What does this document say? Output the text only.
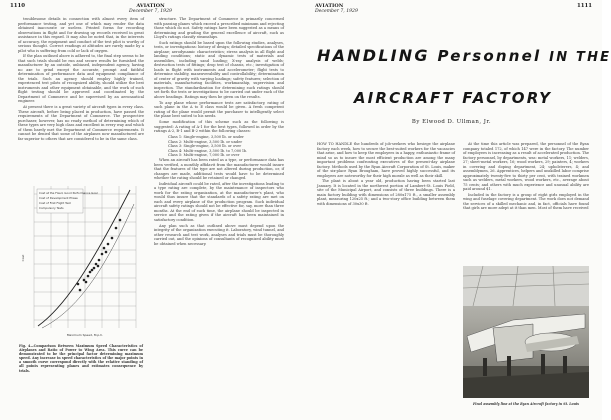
1110	AVIATION
December 7, 1929

troublesome details in connection with almost every item of performance testing, and yet one of which may render the data obtained inaccurate or useless. Printed forms for recording observations in flight and for drawing up records received in great assistance in this regard. It may also be noted that, in the interests of accuracy, the equipment and conduct of the test pilot is worthy of serious thought. Correct readings at altitudes are rarely made by a pilot who is suffering from cold or lack of oxygen.

If the plan outlined above is adhered to, the final step seems to be that such trials should be run and secure results be furnished the manufacturer by an outside, unbiased, independent agency, having no axe to grind except the accurate, prompt and faithful determination of performance data and equipment compliance of the trials. Such an agency should employ highly trained, experienced test pilots of recognized ability, should utilize the best instruments and other equipment obtainable, and the work of such flight testing should be approved and coordinated by the Department of Commerce and be supervised by an aeronautical engineer.

At present there is a great variety of aircraft types in every class. These aircraft, before being placed in production, have passed the requirements of the Department of Commerce. The prospective purchaser, however, has no ready method of determining which of these types are very high class and excellent in every way and which of them barely met the Department of Commerce requirements. It cannot be denied that some of the airplanes now manufactured are far superior to others that are considered to be in the same class.

Cost at the Fixed, Good Performance Goal
Cost of Development Phase
Cost of First Flight Test
Compulsory Tests
Maximum Speed, M.p.h.
Cost
Fig. 4—Comparison Between Maximum Speed Characteristics of Airplanes and Ratio of Power to Wing Area. This curve can be demonstrated to be the principal factor determining maximum speed. Any increase in speed characteristics of the major points in a smooth curve correspond directly with the relative standing of all points representing planes and estimates consequence by trials.

structure. The Department of Commerce is primarily concerned with passing planes which exceed a prescribed minimum and rejecting those which do not. Safety ratings have been suggested as a means of determining and grading the general excellence of aircraft, such as Lloyd's ratings classify steamships.

Such ratings should be based upon the following studies, analyses, tests, or investigations: history of design; detailed specifications of the airplane; aerodynamic characteristics; stress analysis in all flight and landing conditions; static and dynamic tests of materials and assemblies, including sand loading; X-ray analysis of welds; destruction tests of fittings; drop test of chassis, etc.; investigation of loads in flight with instruments and accelerometer; flight tests to determine stability, maneuverability and controllability; determination of center of gravity with varying loadings; safety features; selection of materials, manufacturing facilities, workmanship, supervision and inspection. The standardization for determining such ratings should set forth the tests or investigations to be carried out under each of the above headings. Ratings may then be given on the results.

To any plane whose performance tests are satisfactory, rating of such plane in the A to E class would be given. A fresh competent rating of the plane would permit the purchaser to intelligently select the plane best suited to his needs.

Some modification of this scheme such as the following is suggested: A rating of A-1 for the best types, followed in order by the ratings A-2, B-1 and B-2 within the following classes:

Class 1: Single-engine, 3,500 lb. or under
Class 2: Multi-engine, 3,500 lb. or under
Class 3: Single-engine, 3,500 lb. or over
Class 4: Multi-engine, 3,500 lb. to 7,000 lb.
Class 5: Multi-engine, 7,000 lb. or over

When an aircraft has been rated as a type, or performance data has been verified, a monthly affidavit from the manufacturer would insure that the features of the type are not altered during production, or, if changes are made, additional tests would have to be determined whether the rating should be retained or changed.

Individual aircraft could be rated, after the investigations leading to a type rating are complete, by the maintenance of inspectors who work for the rating organization, at the manufacturer's plant, who would thus insure that the standards of a safety rating are met on each and every airplane of the production program. Such individual aircraft safety ratings should not be effective for, say, more than three months. At the end of such time, the airplane should be inspected in service and the rating given if the aircraft has been maintained in satisfactory condition.

Any plan such as that outlined above must depend upon the integrity of the organization executing it. Laboratory, wind tunnel, and other research and test work, analyses and trials must be thoroughly carried out, and the opinions of consultants of recognized ability must be obtained when necessary.

AVIATION
December 7, 1929
1111
HANDLING Personnel IN THE
AIRCRAFT FACTORY
By Elwood D. Ullman, Jr.

HOW TO HANDLE the hundreds of job-seekers who besiege the airplane factory each week, how to secure the best-suited workers for the vacancies that arise, and how to keep the employees in a happy, enthusiastic frame of mind so as to insure the most efficient production are among the many important problems confronting executives of the present-day airplane factory. Methods used by the Ryan Aircraft Corporation of St. Louis, maker of the six-place Ryan Brougham, have proved highly successful, and its employees are noteworthy for their high morale as well as their skill.

The plant is about a year old, production having been started last January. It is located in the northwest portion of Lambert-St. Louis Field, site of the Municipal Airport, and consists of three buildings. There is a main factory building with dimensions of 280x175 ft., a smaller assembly plant, measuring 120x25 ft.; and a two-story office building between them with dimensions of 30x30 ft.

At the time this article was prepared, the personnel of the Ryan company totaled 172, of which 147 were in the factory. The number of employees is increasing as a result of accelerated production. The factory personnel, by departments, was: metal workers, 11; welders, 27; sheet-metal workers, 16; wood workers, 29; painters, 4; workers in covering and doping department, 24; upholsterers, 4; and assemblymen, 26. Apprentices, helpers and unskilled labor comprise approximately twenty-five to thirty per cent, with trained workmen such as welders, metal workers, wood workers, etc., average about 75 cents; and others with much experience and unusual ability are paid around $1.

Included in the factory is a group of eight girls employed in the wing and fuselage covering department. The work does not demand the services of a skilled mechanic and, in fact, officials have found that girls are more adept at it than men. Most of them have received

Final assembly line at the Ryan Aircraft factory in St. Louis
